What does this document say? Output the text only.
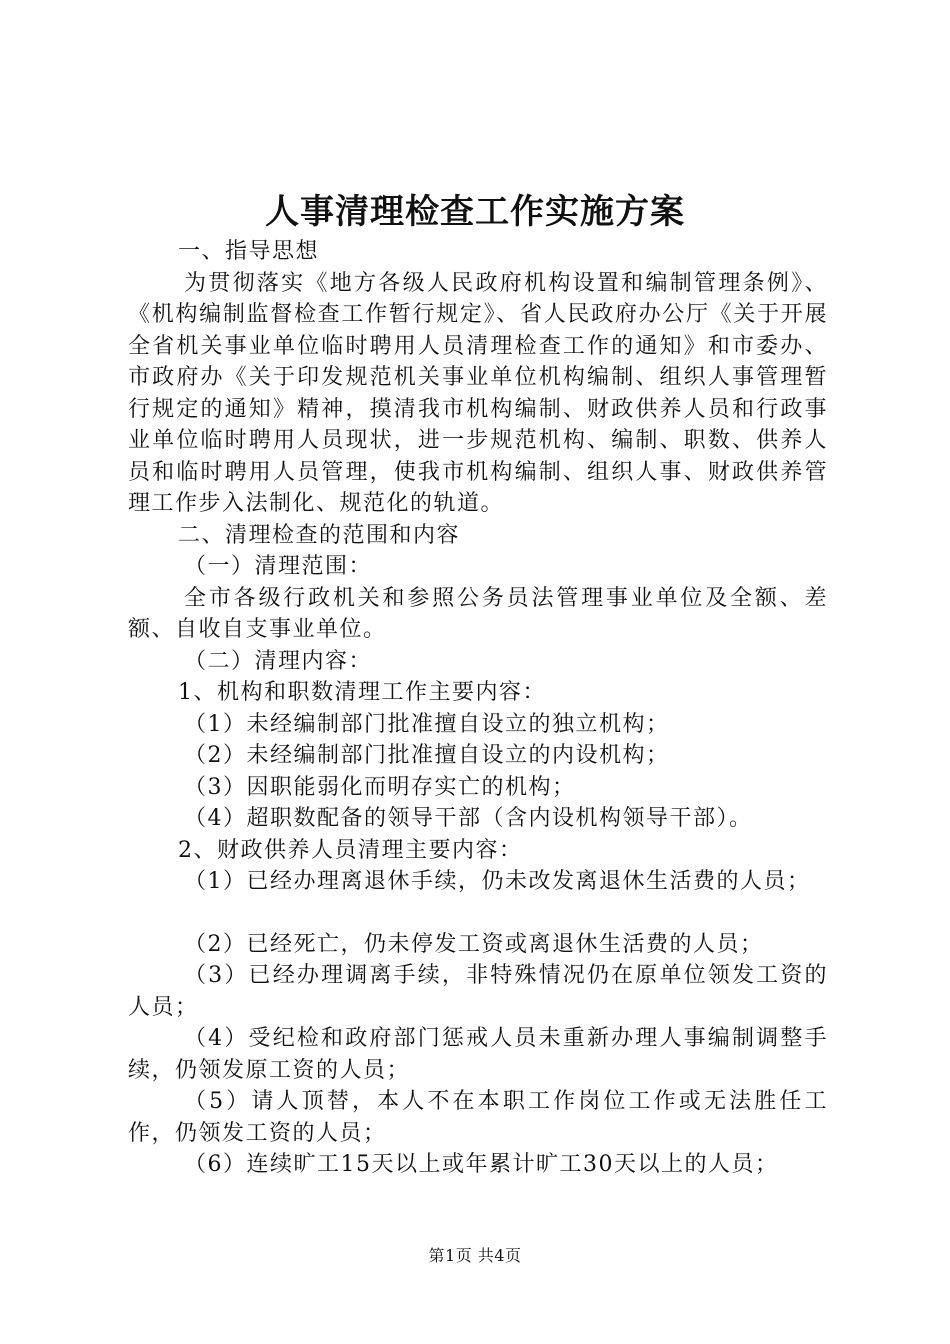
人事清理检查工作实施方案

一、指导思想

为贯彻落实《地方各级人民政府机构设置和编制管理条例》、《机构编制监督检查工作暂行规定》、省人民政府办公厅《关于开展全省机关事业单位临时聘用人员清理检查工作的通知》和市委办、市政府办《关于印发规范机关事业单位机构编制、组织人事管理暂行规定的通知》精神，摸清我市机构编制、财政供养人员和行政事业单位临时聘用人员现状，进一步规范机构、编制、职数、供养人员和临时聘用人员管理，使我市机构编制、组织人事、财政供养管理工作步入法制化、规范化的轨道。

二、清理检查的范围和内容

（一）清理范围：

全市各级行政机关和参照公务员法管理事业单位及全额、差额、自收自支事业单位。

（二）清理内容：

1、机构和职数清理工作主要内容：

（1）未经编制部门批准擅自设立的独立机构；

（2）未经编制部门批准擅自设立的内设机构；

（3）因职能弱化而明存实亡的机构；

（4）超职数配备的领导干部（含内设机构领导干部）。

2、财政供养人员清理主要内容：

（1）已经办理离退休手续，仍未改发离退休生活费的人员；

（2）已经死亡，仍未停发工资或离退休生活费的人员；

（3）已经办理调离手续，非特殊情况仍在原单位领发工资的人员；

（4）受纪检和政府部门惩戒人员未重新办理人事编制调整手续，仍领发原工资的人员；

（5）请人顶替，本人不在本职工作岗位工作或无法胜任工作，仍领发工资的人员；

（6）连续旷工15天以上或年累计旷工30天以上的人员；

第1页 共4页
